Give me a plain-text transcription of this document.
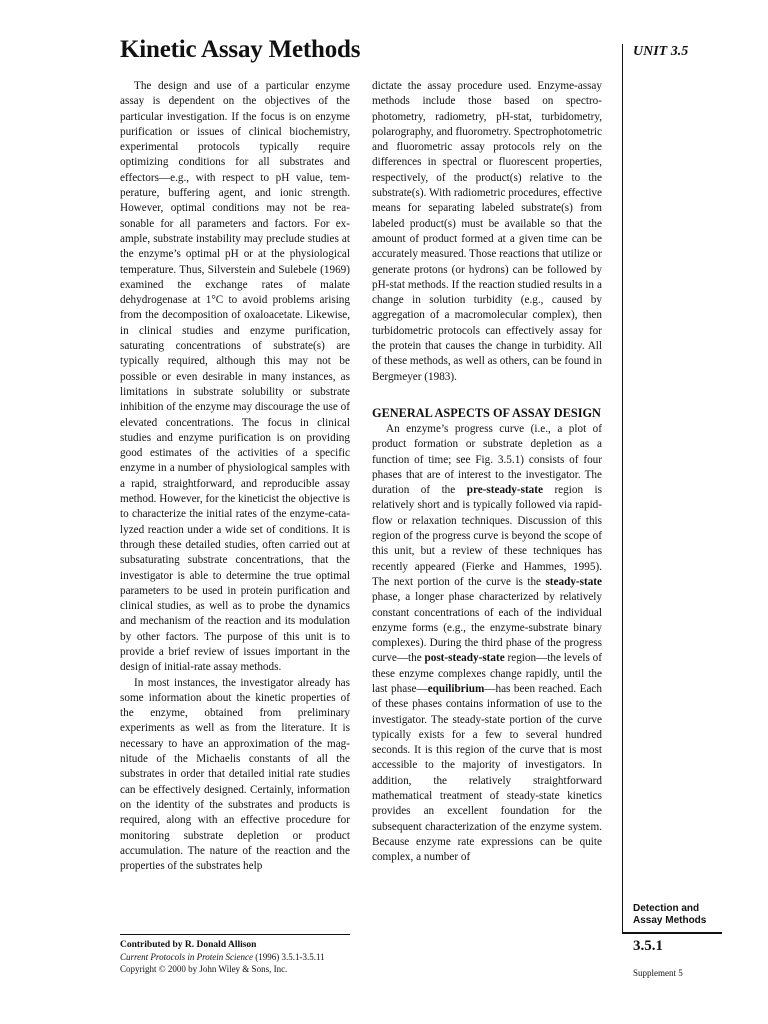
Kinetic Assay Methods	UNIT 3.5

The design and use of a particular enzyme assay is dependent on the objectives of the particular investigation. If the focus is on enzyme purification or issues of clinical biochemistry, experimental protocols typically require optimizing conditions for all substrates and effectors—e.g., with respect to pH value, temperature, buffering agent, and ionic strength. However, optimal conditions may not be reasonable for all parameters and factors. For example, substrate instability may preclude studies at the enzyme’s optimal pH or at the physiological temperature. Thus, Silverstein and Sulebele (1969) examined the exchange rates of malate dehydrogenase at 1°C to avoid problems arising from the decomposition of oxaloacetate. Likewise, in clinical studies and enzyme purification, saturating concentrations of substrate(s) are typically required, although this may not be possible or even desirable in many instances, as limitations in substrate solubility or substrate inhibition of the enzyme may discourage the use of elevated concentrations. The focus in clinical studies and enzyme purification is on providing good estimates of the activities of a specific enzyme in a number of physiological samples with a rapid, straightforward, and reproducible assay method. However, for the kineticist the objective is to characterize the initial rates of the enzyme-catalyzed reaction under a wide set of conditions. It is through these detailed studies, often carried out at subsaturating substrate concentrations, that the investigator is able to determine the true optimal parameters to be used in protein purification and clinical studies, as well as to probe the dynamics and mechanism of the reaction and its modulation by other factors. The purpose of this unit is to provide a brief review of issues important in the design of initial-rate assay methods.

In most instances, the investigator already has some information about the kinetic properties of the enzyme, obtained from preliminary experiments as well as from the literature. It is necessary to have an approximation of the magnitude of the Michaelis constants of all the substrates in order that detailed initial rate studies can be effectively designed. Certainly, information on the identity of the substrates and products is required, along with an effective procedure for monitoring substrate depletion or product accumulation. The nature of the reaction and the properties of the substrates help

dictate the assay procedure used. Enzyme-assay methods include those based on spectrophotometry, radiometry, pH-stat, turbidometry, polarography, and fluorometry. Spectrophotometric and fluorometric assay protocols rely on the differences in spectral or fluorescent properties, respectively, of the product(s) relative to the substrate(s). With radiometric procedures, effective means for separating labeled substrate(s) from labeled product(s) must be available so that the amount of product formed at a given time can be accurately measured. Those reactions that utilize or generate protons (or hydrons) can be followed by pH-stat methods. If the reaction studied results in a change in solution turbidity (e.g., caused by aggregation of a macromolecular complex), then turbidometric protocols can effectively assay for the protein that causes the change in turbidity. All of these methods, as well as others, can be found in Bergmeyer (1983).

GENERAL ASPECTS OF ASSAY DESIGN

An enzyme’s progress curve (i.e., a plot of product formation or substrate depletion as a function of time; see Fig. 3.5.1) consists of four phases that are of interest to the investigator. The duration of the pre-steady-state region is relatively short and is typically followed via rapid-flow or relaxation techniques. Discussion of this region of the progress curve is beyond the scope of this unit, but a review of these techniques has recently appeared (Fierke and Hammes, 1995). The next portion of the curve is the steady-state phase, a longer phase characterized by relatively constant concentrations of each of the individual enzyme forms (e.g., the enzyme-substrate binary complexes). During the third phase of the progress curve—the post-steady-state region—the levels of these enzyme complexes change rapidly, until the last phase—equilibrium—has been reached. Each of these phases contains information of use to the investigator. The steady-state portion of the curve typically exists for a few to several hundred seconds. It is this region of the curve that is most accessible to the majority of investigators. In addition, the relatively straightforward mathematical treatment of steady-state kinetics provides an excellent foundation for the subsequent characterization of the enzyme system. Because enzyme rate expressions can be quite complex, a number of

Contributed by R. Donald Allison
Current Protocols in Protein Science (1996) 3.5.1-3.5.11
Copyright © 2000 by John Wiley & Sons, Inc.
Detection and
Assay Methods
3.5.1
Supplement 5
